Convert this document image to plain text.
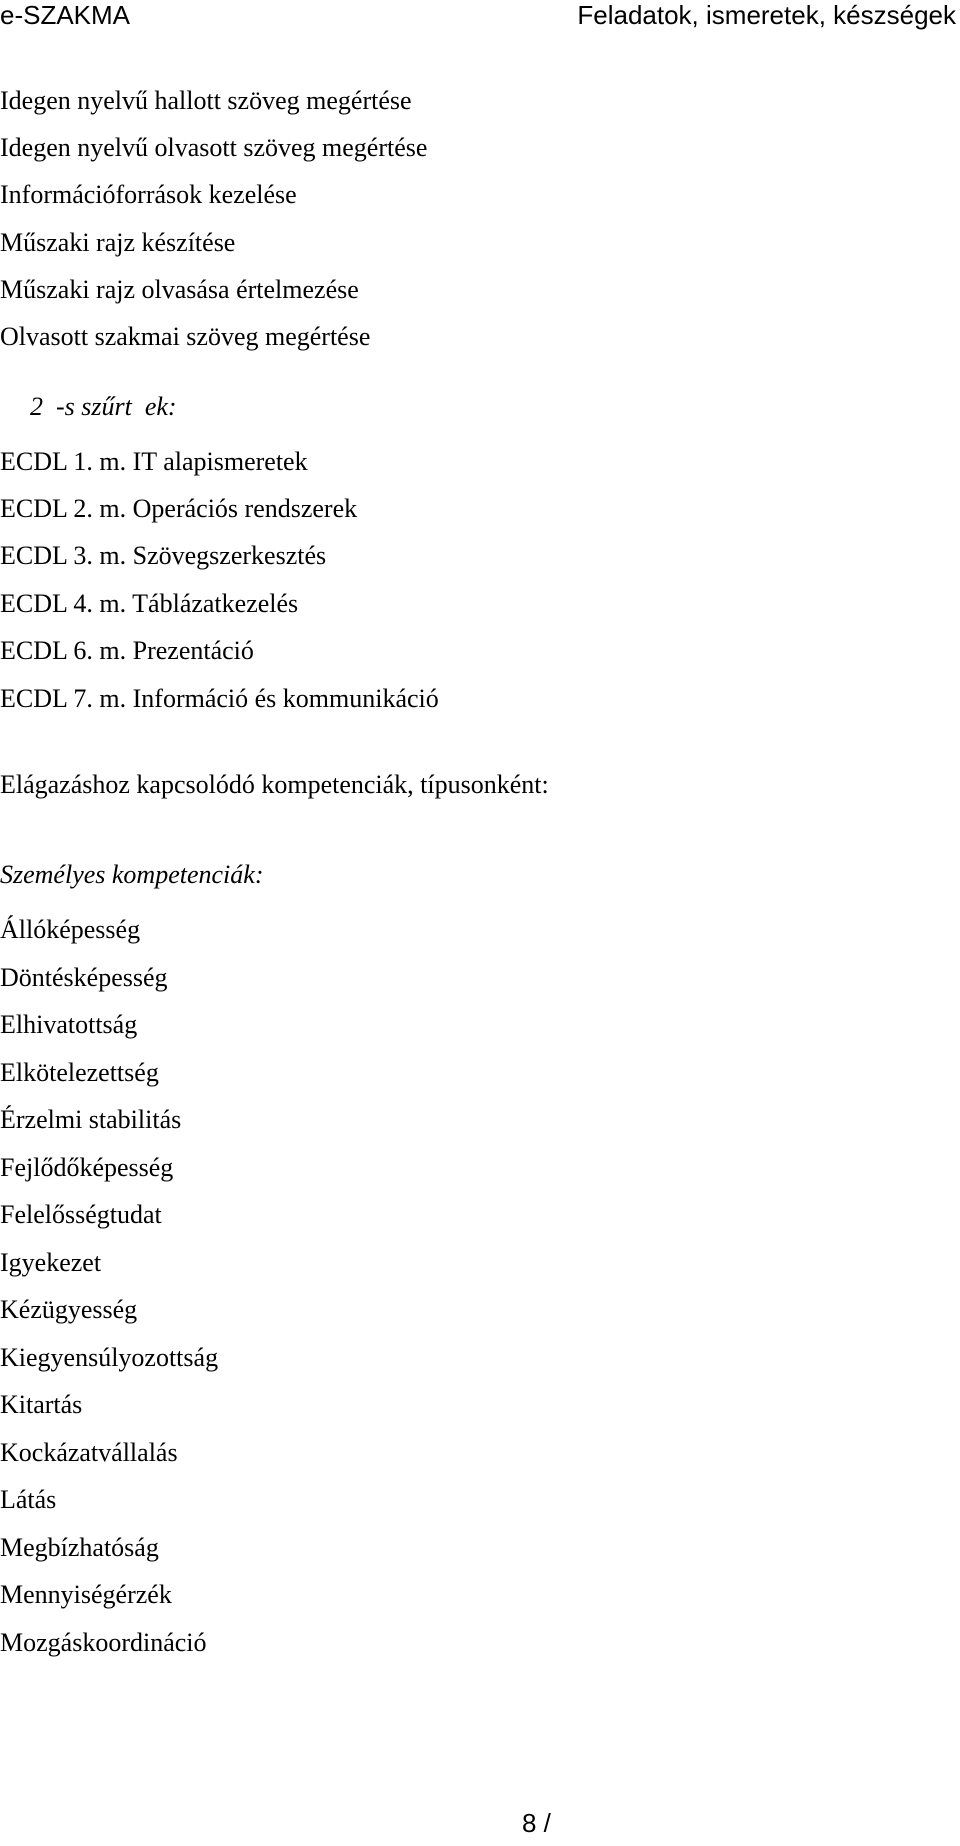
e-SZAKMA	Feladatok, ismeretek, készségek
Idegen nyelvű hallott szöveg megértése
Idegen nyelvű olvasott szöveg megértése
Információforrások kezelése
Műszaki rajz készítése
Műszaki rajz olvasása értelmezése
Olvasott szakmai szöveg megértése
2  -s szűrt  ek:
ECDL 1. m. IT alapismeretek
ECDL 2. m. Operációs rendszerek
ECDL 3. m. Szövegszerkesztés
ECDL 4. m. Táblázatkezelés
ECDL 6. m. Prezentáció
ECDL 7. m. Információ és kommunikáció
Elágazáshoz kapcsolódó kompetenciák, típusonként:
Személyes kompetenciák:
Állóképesség
Döntésképesség
Elhivatottság
Elkötelezettség
Érzelmi stabilitás
Fejlődőképesség
Felelősségtudat
Igyekezet
Kézügyesség
Kiegyensúlyozottság
Kitartás
Kockázatvállalás
Látás
Megbízhatóság
Mennyiségérzék
Mozgáskoordináció
8 /
